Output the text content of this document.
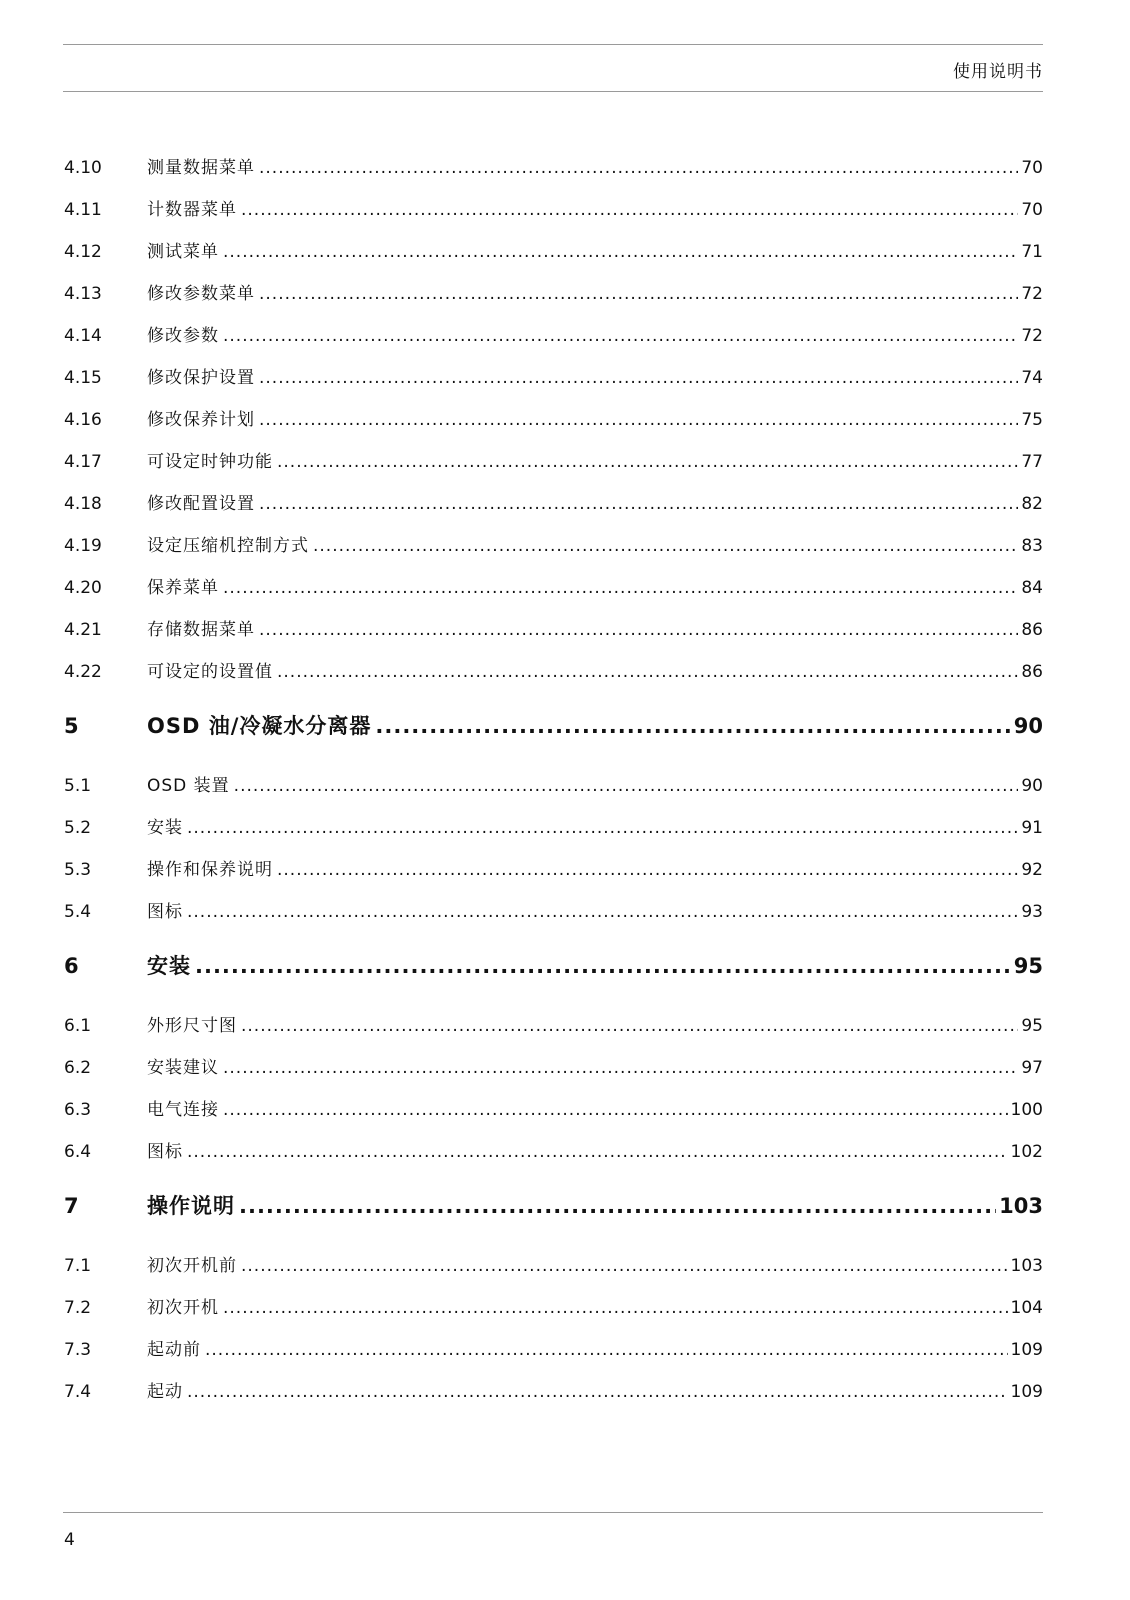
使用说明书
4.10	测量数据菜单 .....	70
4.11	计数器菜单 .....	70
4.12	测试菜单 .....	71
4.13	修改参数菜单 .....	72
4.14	修改参数 .....	72
4.15	修改保护设置 .....	74
4.16	修改保养计划 .....	75
4.17	可设定时钟功能 .....	77
4.18	修改配置设置 .....	82
4.19	设定压缩机控制方式 .....	83
4.20	保养菜单 .....	84
4.21	存储数据菜单 .....	86
4.22	可设定的设置值 .....	86
5	OSD 油/冷凝水分离器 .....	90
5.1	OSD 装置 .....	90
5.2	安装 .....	91
5.3	操作和保养说明 .....	92
5.4	图标 .....	93
6	安装 .....	95
6.1	外形尺寸图 .....	95
6.2	安装建议 .....	97
6.3	电气连接 .....	100
6.4	图标 .....	102
7	操作说明 .....	103
7.1	初次开机前 .....	103
7.2	初次开机 .....	104
7.3	起动前 .....	109
7.4	起动 .....	109
4
